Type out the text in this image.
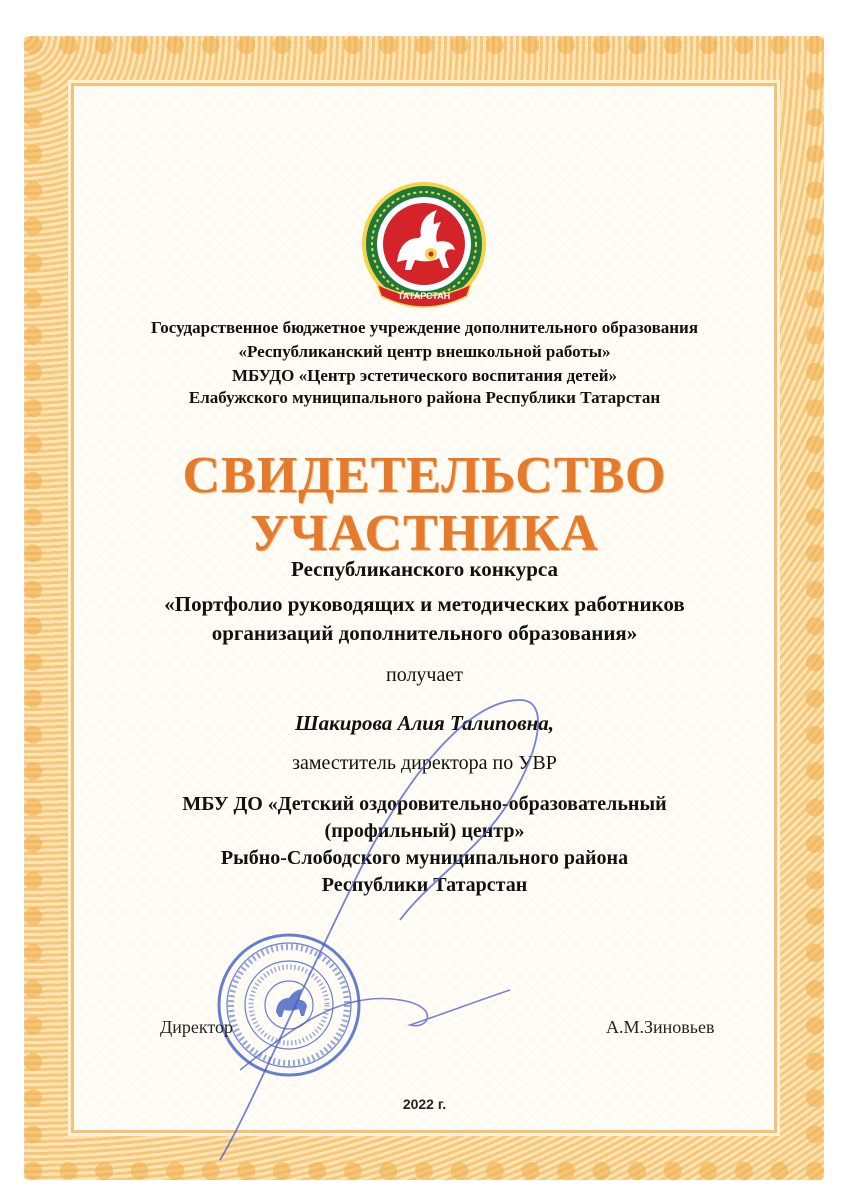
ТАТАРСТАН
Государственное бюджетное учреждение дополнительного образования
«Республиканский центр внешкольной работы»
МБУДО «Центр эстетического воспитания детей»
Елабужского муниципального района Республики Татарстан
СВИДЕТЕЛЬСТВО
УЧАСТНИКА
Республиканского конкурса
«Портфолио руководящих и методических работников
организаций дополнительного образования»
получает
Шакирова Алия Талиповна,
заместитель директора по УВР
МБУ ДО «Детский оздоровительно-образовательный
(профильный) центр»
Рыбно-Слободского муниципального района
Республики Татарстан
Директор	А.М.Зиновьев
2022 г.
